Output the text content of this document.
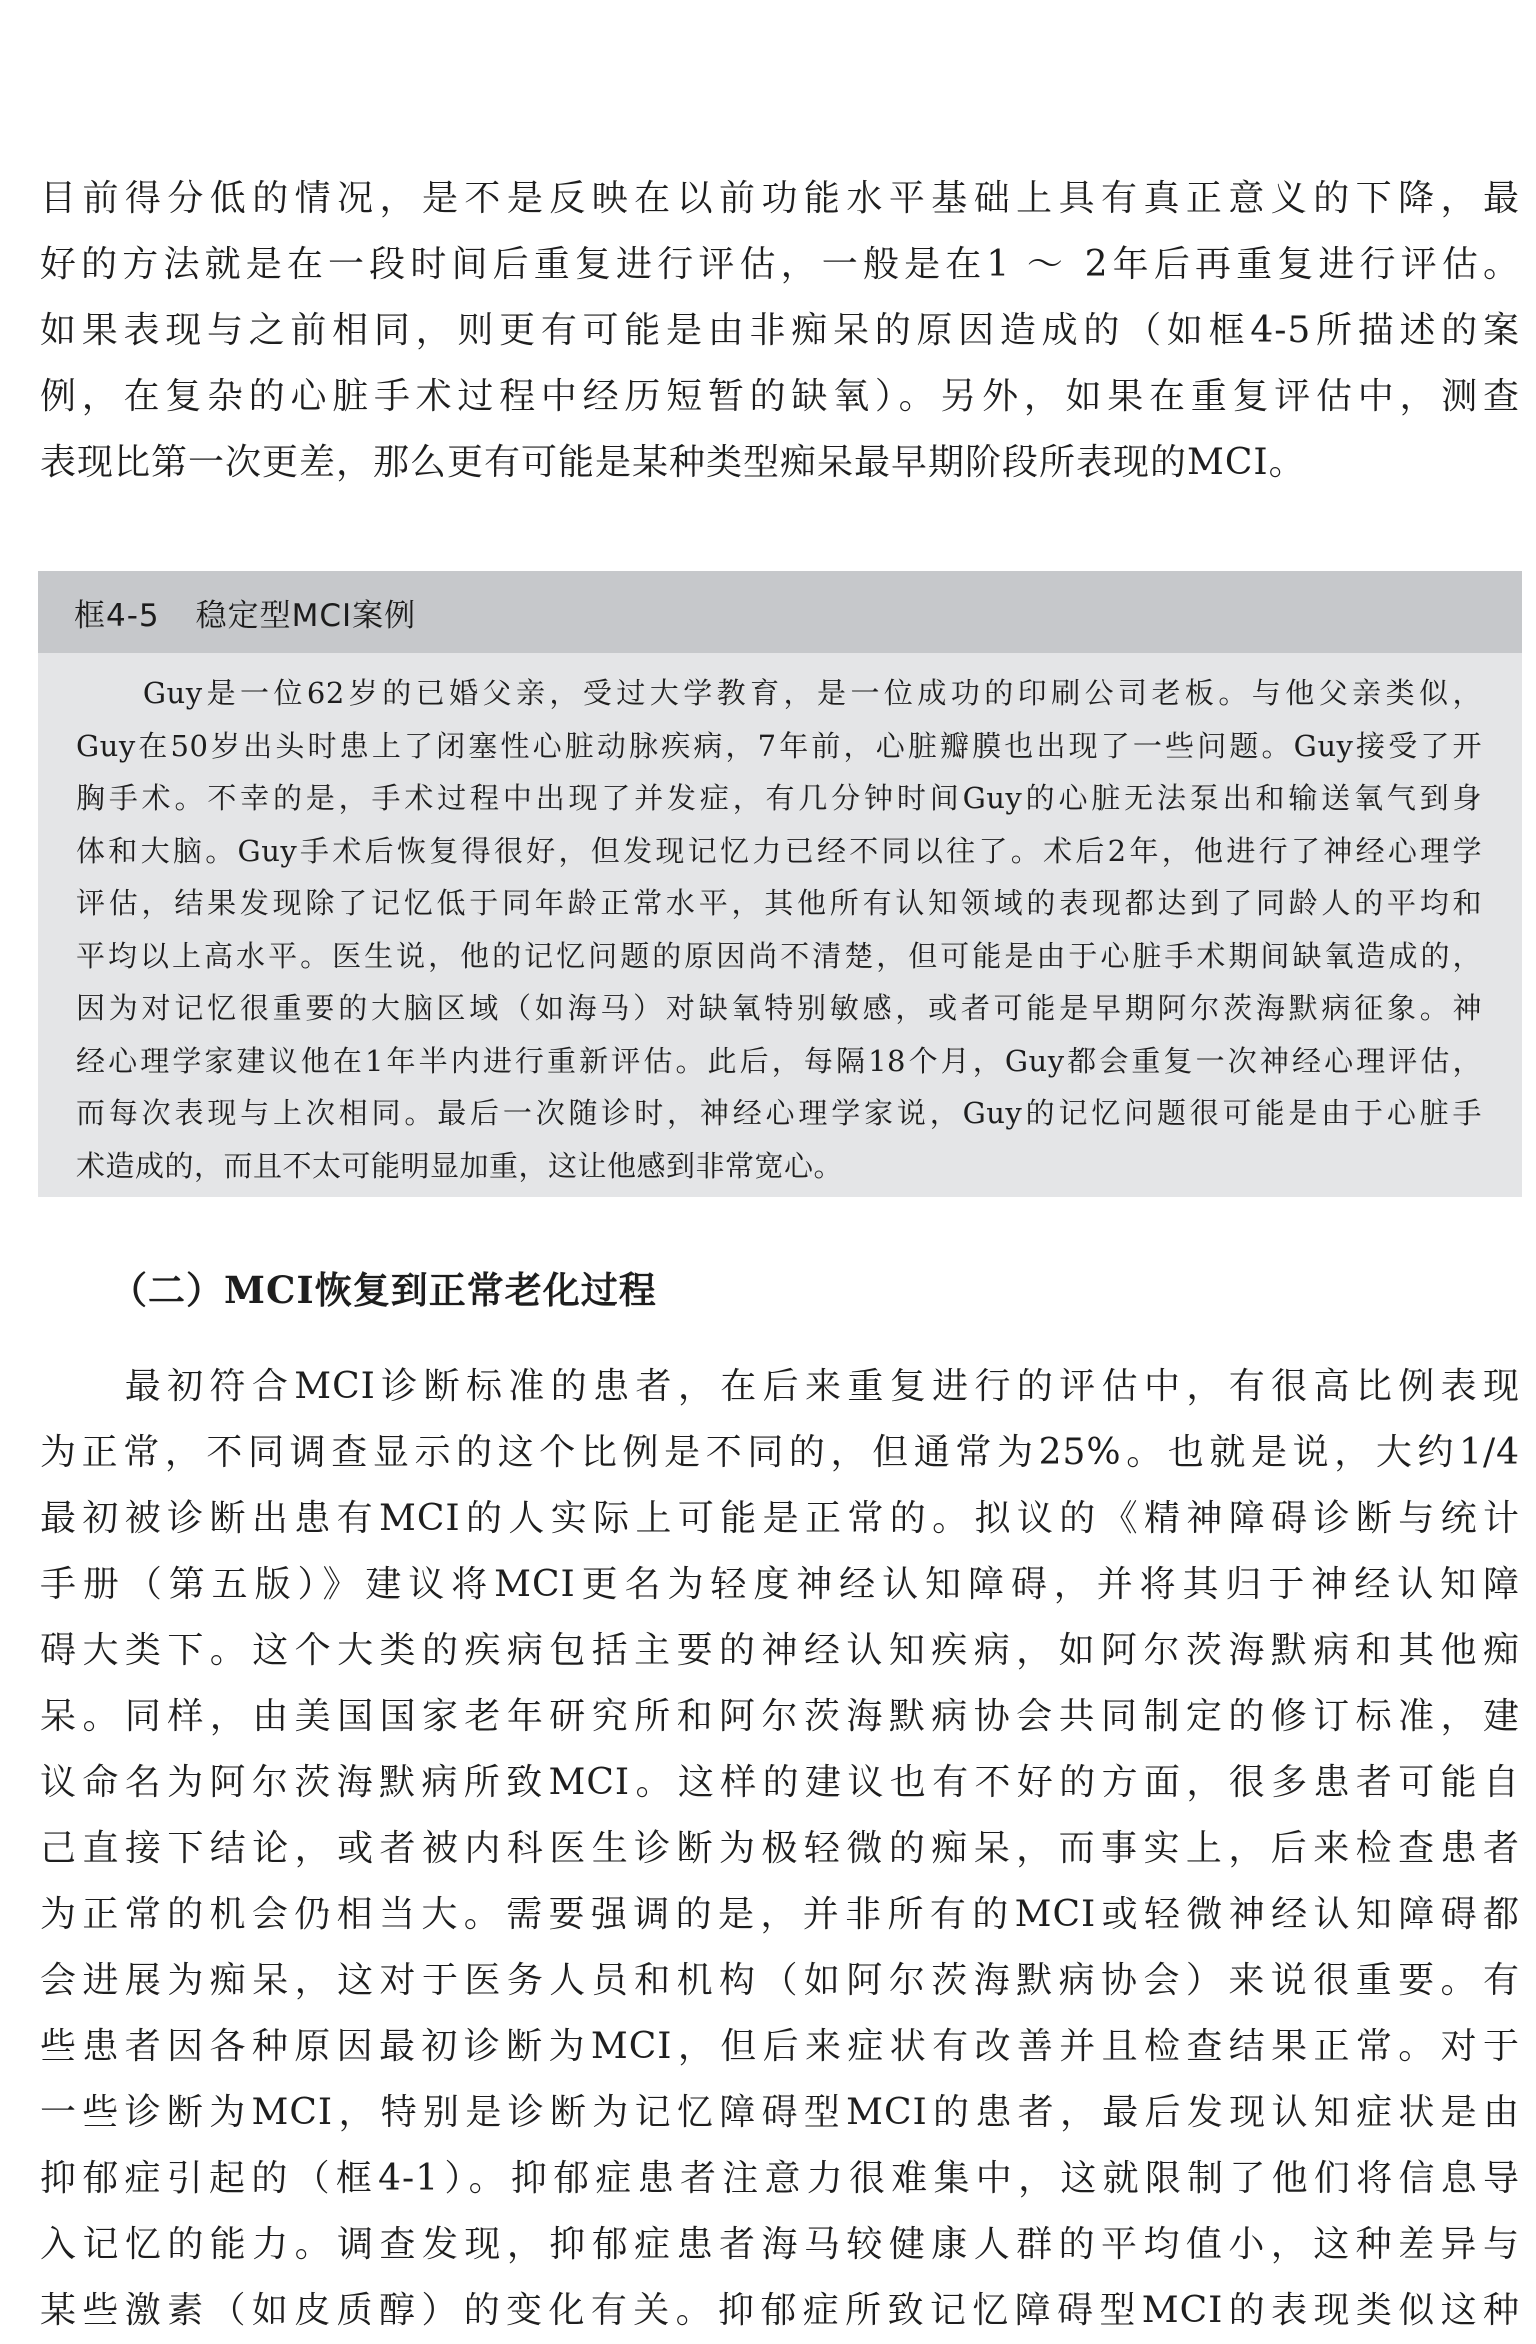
目前得分低的情况，是不是反映在以前功能水平基础上具有真正意义的下降，最
好的方法就是在一段时间后重复进行评估，一般是在1 ～ 2年后再重复进行评估。
如果表现与之前相同，则更有可能是由非痴呆的原因造成的（如框4-5所描述的案
例，在复杂的心脏手术过程中经历短暂的缺氧）。另外，如果在重复评估中，测查
表现比第一次更差，那么更有可能是某种类型痴呆最早期阶段所表现的MCI。
框4-5 稳定型MCI案例
　　Guy是一位62岁的已婚父亲，受过大学教育，是一位成功的印刷公司老板。与他父亲类似，
Guy在50岁出头时患上了闭塞性心脏动脉疾病，7年前，心脏瓣膜也出现了一些问题。Guy接受了开
胸手术。不幸的是，手术过程中出现了并发症，有几分钟时间Guy的心脏无法泵出和输送氧气到身
体和大脑。Guy手术后恢复得很好，但发现记忆力已经不同以往了。术后2年，他进行了神经心理学
评估，结果发现除了记忆低于同年龄正常水平，其他所有认知领域的表现都达到了同龄人的平均和
平均以上高水平。医生说，他的记忆问题的原因尚不清楚，但可能是由于心脏手术期间缺氧造成的，
因为对记忆很重要的大脑区域（如海马）对缺氧特别敏感，或者可能是早期阿尔茨海默病征象。神
经心理学家建议他在1年半内进行重新评估。此后，每隔18个月，Guy都会重复一次神经心理评估，
而每次表现与上次相同。最后一次随诊时，神经心理学家说，Guy的记忆问题很可能是由于心脏手
术造成的，而且不太可能明显加重，这让他感到非常宽心。
（二）MCI恢复到正常老化过程
　　最初符合MCI诊断标准的患者，在后来重复进行的评估中，有很高比例表现
为正常，不同调查显示的这个比例是不同的，但通常为25%。也就是说，大约1/4
最初被诊断出患有MCI的人实际上可能是正常的。拟议的《精神障碍诊断与统计
手册（第五版）》建议将MCI更名为轻度神经认知障碍，并将其归于神经认知障
碍大类下。这个大类的疾病包括主要的神经认知疾病，如阿尔茨海默病和其他痴
呆。同样，由美国国家老年研究所和阿尔茨海默病协会共同制定的修订标准，建
议命名为阿尔茨海默病所致MCI。这样的建议也有不好的方面，很多患者可能自
己直接下结论，或者被内科医生诊断为极轻微的痴呆，而事实上，后来检查患者
为正常的机会仍相当大。需要强调的是，并非所有的MCI或轻微神经认知障碍都
会进展为痴呆，这对于医务人员和机构（如阿尔茨海默病协会）来说很重要。有
些患者因各种原因最初诊断为MCI，但后来症状有改善并且检查结果正常。对于
一些诊断为MCI，特别是诊断为记忆障碍型MCI的患者，最后发现认知症状是由
抑郁症引起的（框4-1）。抑郁症患者注意力很难集中，这就限制了他们将信息导
入记忆的能力。调查发现，抑郁症患者海马较健康人群的平均值小，这种差异与
某些激素（如皮质醇）的变化有关。抑郁症所致记忆障碍型MCI的表现类似这种
